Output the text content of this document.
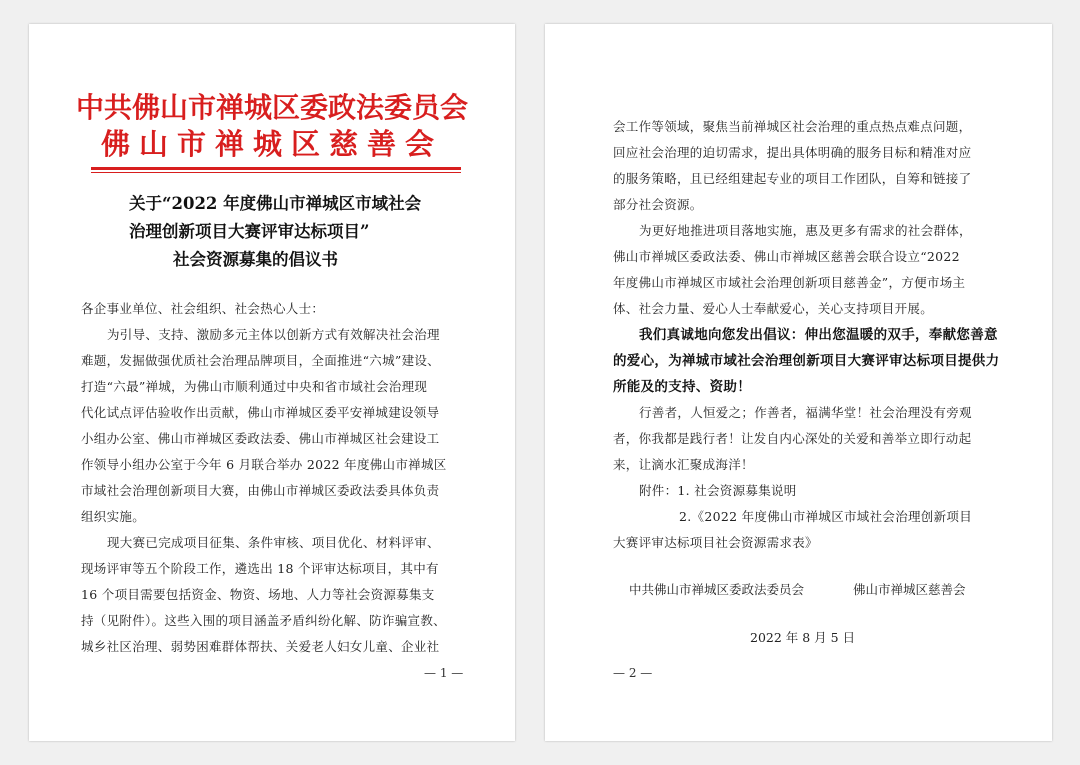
中共佛山市禅城区委政法委员会
佛山市禅城区慈善会
关于“2022 年度佛山市禅城区市域社会
治理创新项目大赛评审达标项目”
社会资源募集的倡议书
各企事业单位、社会组织、社会热心人士：
为引导、支持、激励多元主体以创新方式有效解决社会治理
难题，发掘做强优质社会治理品牌项目，全面推进“六城”建设、
打造“六最”禅城，为佛山市顺利通过中央和省市域社会治理现
代化试点评估验收作出贡献，佛山市禅城区委平安禅城建设领导
小组办公室、佛山市禅城区委政法委、佛山市禅城区社会建设工
作领导小组办公室于今年 6 月联合举办 2022 年度佛山市禅城区
市域社会治理创新项目大赛，由佛山市禅城区委政法委具体负责
组织实施。
现大赛已完成项目征集、条件审核、项目优化、材料评审、
现场评审等五个阶段工作，遴选出 18 个评审达标项目，其中有
16 个项目需要包括资金、物资、场地、人力等社会资源募集支
持（见附件）。这些入围的项目涵盖矛盾纠纷化解、防诈骗宣教、
城乡社区治理、弱势困难群体帮扶、关爱老人妇女儿童、企业社
— 1 —
会工作等领域，聚焦当前禅城区社会治理的重点热点难点问题，
回应社会治理的迫切需求，提出具体明确的服务目标和精准对应
的服务策略，且已经组建起专业的项目工作团队，自筹和链接了
部分社会资源。
为更好地推进项目落地实施，惠及更多有需求的社会群体，
佛山市禅城区委政法委、佛山市禅城区慈善会联合设立“2022
年度佛山市禅城区市域社会治理创新项目慈善金”，方便市场主
体、社会力量、爱心人士奉献爱心，关心支持项目开展。
我们真诚地向您发出倡议：伸出您温暖的双手，奉献您善意
的爱心，为禅城市域社会治理创新项目大赛评审达标项目提供力
所能及的支持、资助！
行善者，人恒爱之；作善者，福满华堂！社会治理没有旁观
者，你我都是践行者！让发自内心深处的关爱和善举立即行动起
来，让滴水汇聚成海洋！
附件：1. 社会资源募集说明
2.《2022 年度佛山市禅城区市域社会治理创新项目
大赛评审达标项目社会资源需求表》
中共佛山市禅城区委政法委员会	佛山市禅城区慈善会
2022 年 8 月 5 日
— 2 —
